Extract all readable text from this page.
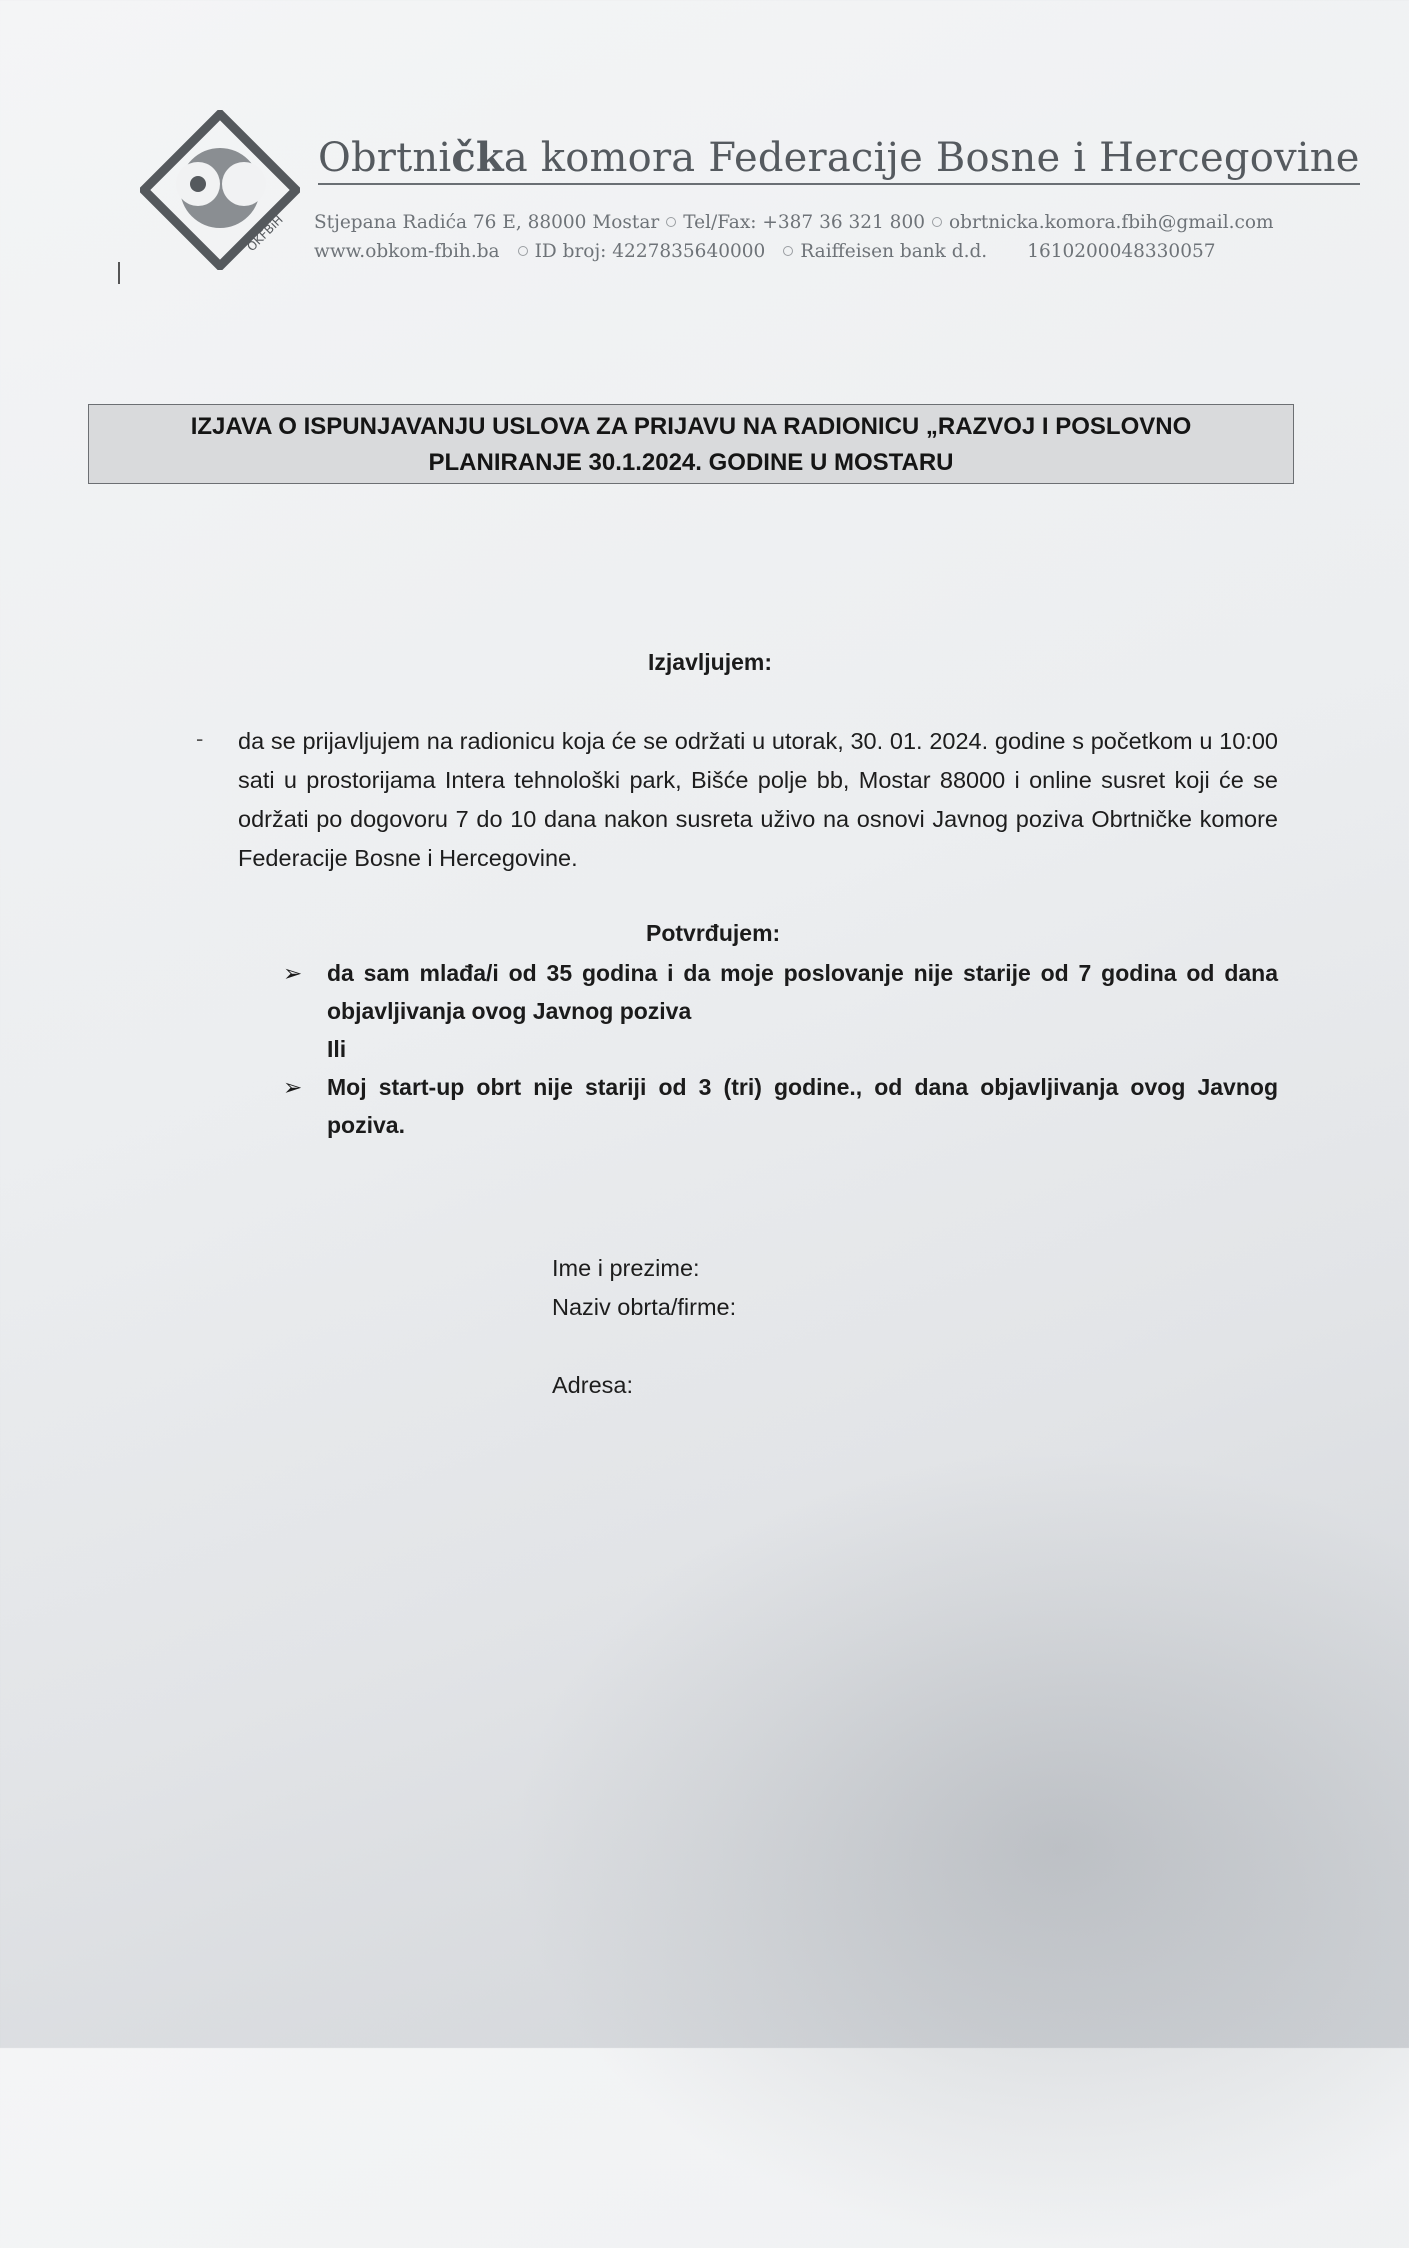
OKFBiH
Obrtnička komora Federacije Bosne i Hercegovine
Stjepana Radića 76 E, 88000 Mostar Tel/Fax: +387 36 321 800 obrtnicka.komora.fbih@gmail.com
www.obkom-fbih.ba ID broj: 4227835640000 Raiffeisen bank d.d. 1610200048330057
IZJAVA O ISPUNJAVANJU USLOVA ZA PRIJAVU NA RADIONICU „RAZVOJ I POSLOVNO
PLANIRANJE 30.1.2024. GODINE U MOSTARU
Izjavljujem:
- da se prijavljujem na radionicu koja će se održati u utorak, 30. 01. 2024. godine s početkom u 10:00 sati u prostorijama Intera tehnološki park, Bišće polje bb, Mostar 88000 i online susret koji će se održati po dogovoru 7 do 10 dana nakon susreta uživo na osnovi Javnog poziva Obrtničke komore Federacije Bosne i Hercegovine.
Potvrđujem:
➢ da sam mlađa/i od 35 godina i da moje poslovanje nije starije od 7 godina od dana objavljivanja ovog Javnog poziva
Ili
➢ Moj start-up obrt nije stariji od 3 (tri) godine., od dana objavljivanja ovog Javnog poziva.
Ime i prezime:
Naziv obrta/firme:
Adresa:
